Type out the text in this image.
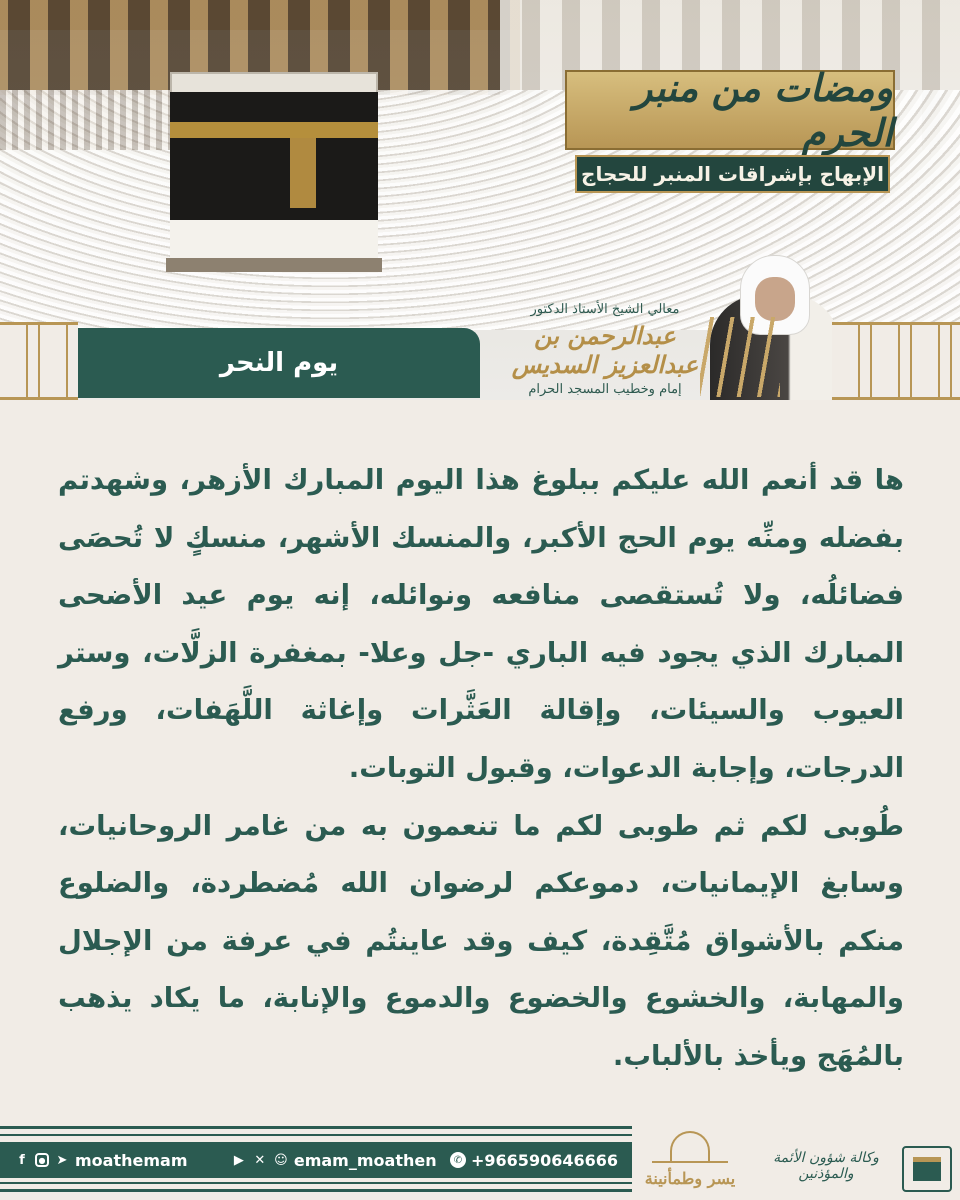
ومضات من منبر الحرم
الإبهاج بإشراقات المنبر للحجاج
معالي الشيخ الأستاذ الدكتور
عبدالرحمن بن عبدالعزيز السديس
إمام وخطيب المسجد الحرام
يوم النحر

ها قد أنعم الله عليكم ببلوغ هذا اليوم المبارك الأزهر، وشهدتم بفضله ومنِّه يوم الحج الأكبر، والمنسك الأشهر، منسكٍ لا تُحصَى فضائلُه، ولا تُستقصى منافعه ونوائله، إنه يوم عيد الأضحى المبارك الذي يجود فيه الباري -جل وعلا- بمغفرة الزلَّات، وستر العيوب والسيئات، وإقالة العَثَّرات وإغاثة اللَّهَفات، ورفع الدرجات، وإجابة الدعوات، وقبول التوبات.

طُوبى لكم ثم طوبى لكم ما تنعمون به من غامر الروحانيات، وسابغ الإيمانيات، دموعكم لرضوان الله مُضطردة، والضلوع منكم بالأشواق مُتَّقِدة، كيف وقد عاينتُم في عرفة من الإجلال والمهابة، والخشوع والخضوع والدموع والإنابة، ما يكاد يذهب بالمُهَج ويأخذ بالألباب.

f	● ➤ moathemam	▶ ✕ ☺ emam_moathen	✆ +966590646666
يسر وطمأنينة
وكالة شؤون الأئمة والمؤذنين
